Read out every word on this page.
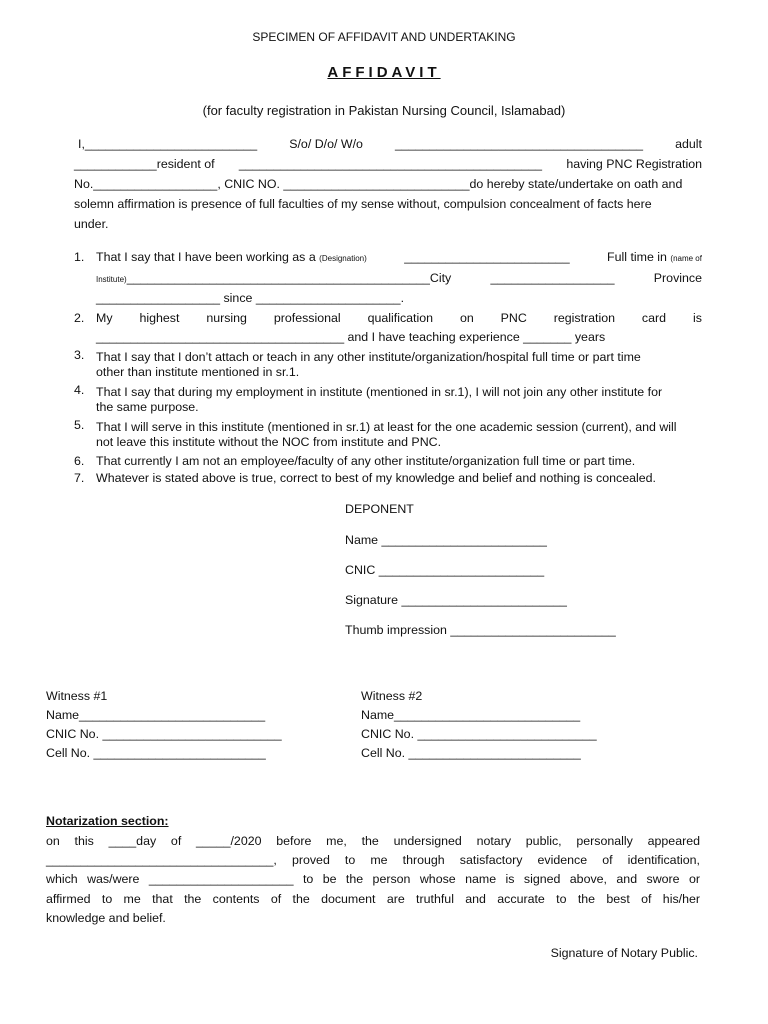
SPECIMEN OF AFFIDAVIT AND UNDERTAKING
AFFIDAVIT
(for faculty registration in Pakistan Nursing Council, Islamabad)
I,_________________________	S/o/ D/o/ W/o	____________________________________	adult
____________resident of ____________________________________________ having PNC Registration
No.__________________, CNIC NO. ___________________________do hereby state/undertake on oath and
solemn affirmation is presence of full faculties of my sense without, compulsion concealment of facts here
under.
1. That I say that I have been working as a (Designation)	________________________	Full time in (name of
Institute)____________________________________________City	__________________	Province
__________________ since _____________________.
2. My highest nursing professional qualification on PNC registration card is
____________________________________ and I have teaching experience _______ years
3. That I say that I don’t attach or teach in any other institute/organization/hospital full time or part time
other than institute mentioned in sr.1.
4. That I say that during my employment in institute (mentioned in sr.1), I will not join any other institute for
the same purpose.
5. That I will serve in this institute (mentioned in sr.1) at least for the one academic session (current), and will
not leave this institute without the NOC from institute and PNC.
6. That currently I am not an employee/faculty of any other institute/organization full time or part time.
7. Whatever is stated above is true, correct to best of my knowledge and belief and nothing is concealed.
DEPONENT
Name ________________________
CNIC ________________________
Signature ________________________
Thumb impression ________________________
Witness #1
Name___________________________
CNIC No. __________________________
Cell No. _________________________
Witness #2
Name___________________________
CNIC No. __________________________
Cell No. _________________________
Notarization section:
on this ____day of _____/2020 before me, the undersigned notary public, personally appeared
_________________________________, proved to me through satisfactory evidence of identification,
which was/were _____________________ to be the person whose name is signed above, and swore or
affirmed to me that the contents of the document are truthful and accurate to the best of his/her
knowledge and belief.
Signature of Notary Public.
